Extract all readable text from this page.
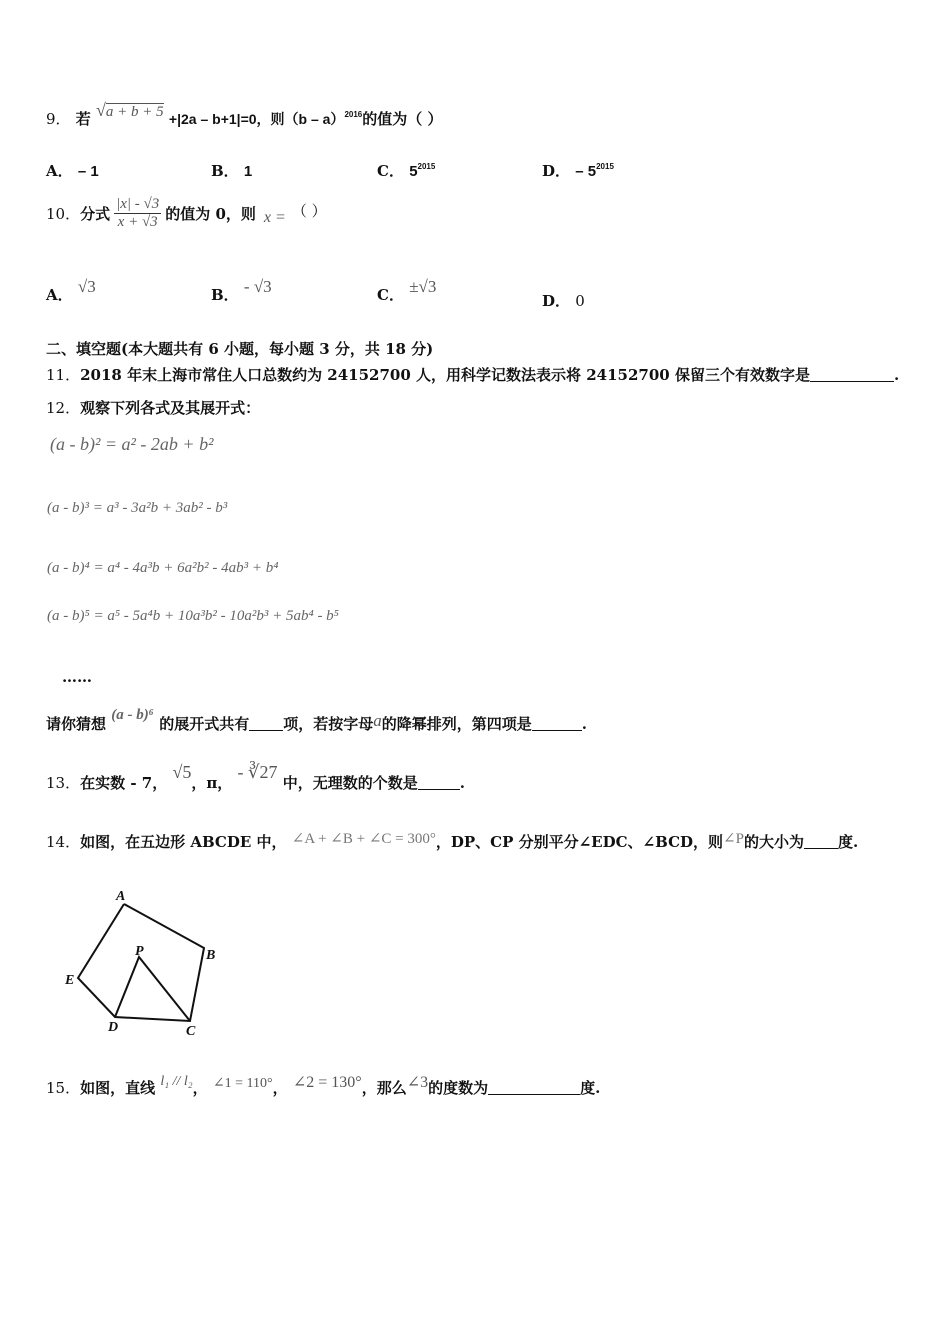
9． 若 √a + b + 5 +|2a – b+1|=0，则（b – a）$^{2016}$的值为（ ）
A． – 1	B． 1	C． $5^{2015}$	D． – $5^{2015}$
10． 分式 $\frac{|x| - √3}{x + √3}$ 的值为 0，则 x = （ ）
A． √3	B． - √3	C． ±√3
D． 0
二、填空题(本大题共有 6 小题，每小题 3 分，共 18 分)
11．2018 年末上海市常住人口总数约为 24152700 人，用科学记数法表示将 24152700 保留三个有效数字是	.
12．观察下列各式及其展开式：
(a - b)² = a² - 2ab + b²
(a - b)³ = a³ - 3a²b + 3ab² - b³
(a - b)⁴ = a⁴ - 4a³b + 6a²b² - 4ab³ + b⁴
(a - b)⁵ = a⁵ - 5a⁴b + 10a³b² - 10a²b³ + 5ab⁴ - b⁵
……
请你猜想 (a - b)⁶ 的展开式共有 项，若按字母a的降幂排列，第四项是	.
13．在实数 - 7， √5，π， - ∛27 中，无理数的个数是	.
14．如图，在五边形 ABCDE 中， ∠A + ∠B + ∠C = 300°，DP、CP 分别平分∠EDC、∠BCD，则∠P的大小为 度.
A
B
C
D
E
P
15．如图，直线 l₁ // l₂， ∠1 = 110°， ∠2 = 130°，那么∠3的度数为	度.
